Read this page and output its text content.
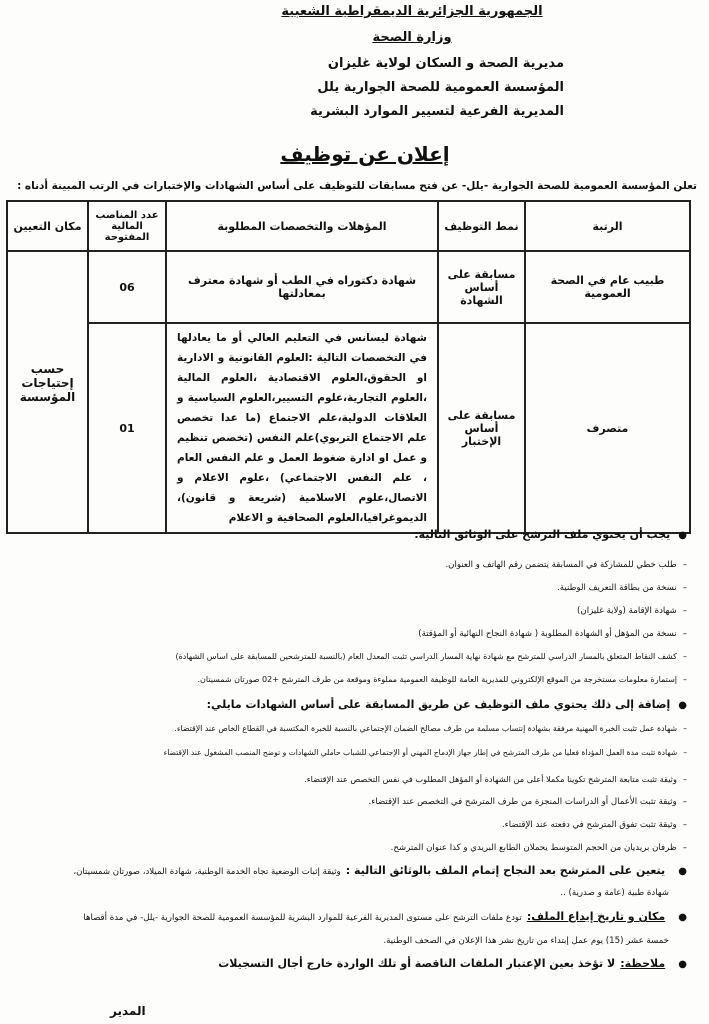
الجمهورية الجزائرية الديمقراطية الشعبية
وزارة الصحة
مديرية الصحة و السكان لولاية غليزان
المؤسسة العمومية للصحة الجوارية يلل
المديرية الفرعية لتسيير الموارد البشرية
إعلان عن توظيف
تعلن المؤسسة العمومية للصحة الجوارية -يلل- عن فتح مسابقات للتوظيف على أساس الشهادات والإختبارات في الرتب المبينة أدناه :
الرتبة	نمط التوظيف	المؤهلات والتخصصات المطلوبة	عدد المناصب المالية المفتوحة	مكان التعيين
طبيب عام في الصحة العمومية	مسابقة على أساس الشهادة	شهادة دكتوراه في الطب أو شهادة معترف بمعادلتها	06	حسب إحتياجات المؤسسة
متصرف	مسابقة على أساس الإختبار	شهادة ليسانس في التعليم العالي أو ما يعادلها في التخصصات التالية :العلوم القانونية و الادارية او الحقوق،العلوم الاقتصادية ،العلوم المالية ،العلوم التجارية،علوم التسيير،العلوم السياسية و العلاقات الدولية،علم الاجتماع (ما عدا تخصص علم الاجتماع التربوي)علم النفس (تخصص تنظيم و عمل او ادارة ضغوط العمل و علم النفس العام ، علم النفس الاجتماعي) ،علوم الاعلام و الاتصال،علوم الاسلامية (شريعة و قانون)، الديموغرافيا،العلوم الصحافية و الاعلام	01	
● يجب أن يحتوي ملف الترشح على الوثائق التالية:
– طلب خطي للمشاركة في المسابقة يتضمن رقم الهاتف و العنوان.
– نسخة من بطاقة التعريف الوطنية.
– شهادة الإقامة (ولاية غليزان)
– نسخة من المؤهل أو الشهادة المطلوبة ( شهادة النجاح النهائية أو المؤقتة)
– كشف النقاط المتعلق بالمسار الدراسي للمترشح مع شهادة نهاية المسار الدراسي تثبت المعدل العام (بالنسبة للمترشحين للمسابقة على اساس الشهادة)
– إستمارة معلومات مستخرجة من الموقع الإلكتروني للمديرية العامة للوظيفة العمومية مملوءة وموقعة من طرف المترشح +02 صورتان شمسيتان.
● إضافة إلى ذلك يحتوي ملف التوظيف عن طريق المسابقة على أساس الشهادات مايلي:
– شهادة عمل تثبت الخبرة المهنية مرفقة بشهادة إنتساب مسلمة من طرف مصالح الضمان الإجتماعي بالنسبة للخبرة المكتسبة في القطاع الخاص عند الإقتضاء.
– شهادة تثبت مدة العمل المؤداة فعليا من طرف المترشح في إطار جهاز الإدماج المهني أو الإجتماعي للشباب حاملي الشهادات و توضح المنصب المشغول عند الإقتضاء
– وثيقة تثبت متابعة المترشح تكوينا مكملا أعلى من الشهادة أو المؤهل المطلوب في نفس التخصص عند الإقتضاء.
– وثيقة تثبت الأعمال أو الدراسات المنجزة من طرف المترشح في التخصص عند الإقتضاء.
– وثيقة تثبت تفوق المترشح في دفعته عند الإقتضاء.
– ظرفان بريديان من الحجم المتوسط يحملان الطابع البريدي و كذا عنوان المترشح.
● يتعين على المترشح بعد النجاح إتمام الملف بالوثائق التالية : وثيقة إثبات الوضعية تجاه الخدمة الوطنية، شهادة الميلاد، صورتان شمسيتان،
شهادة طبية (عامة و صدرية) ..
● مكان و تاريخ إيداع الملف: تودع ملفات الترشح على مستوى المديرية الفرعية للموارد البشرية للمؤسسة العمومية للصحة الجوارية -يلل- في مدة أقصاها
خمسة عشر (15) يوم عمل إبتداء من تاريخ نشر هذا الإعلان في الصحف الوطنية.
● ملاحظة: لا تؤخذ بعين الإعتبار الملفات الناقصة أو تلك الواردة خارج أجال التسجيلات
المدير
